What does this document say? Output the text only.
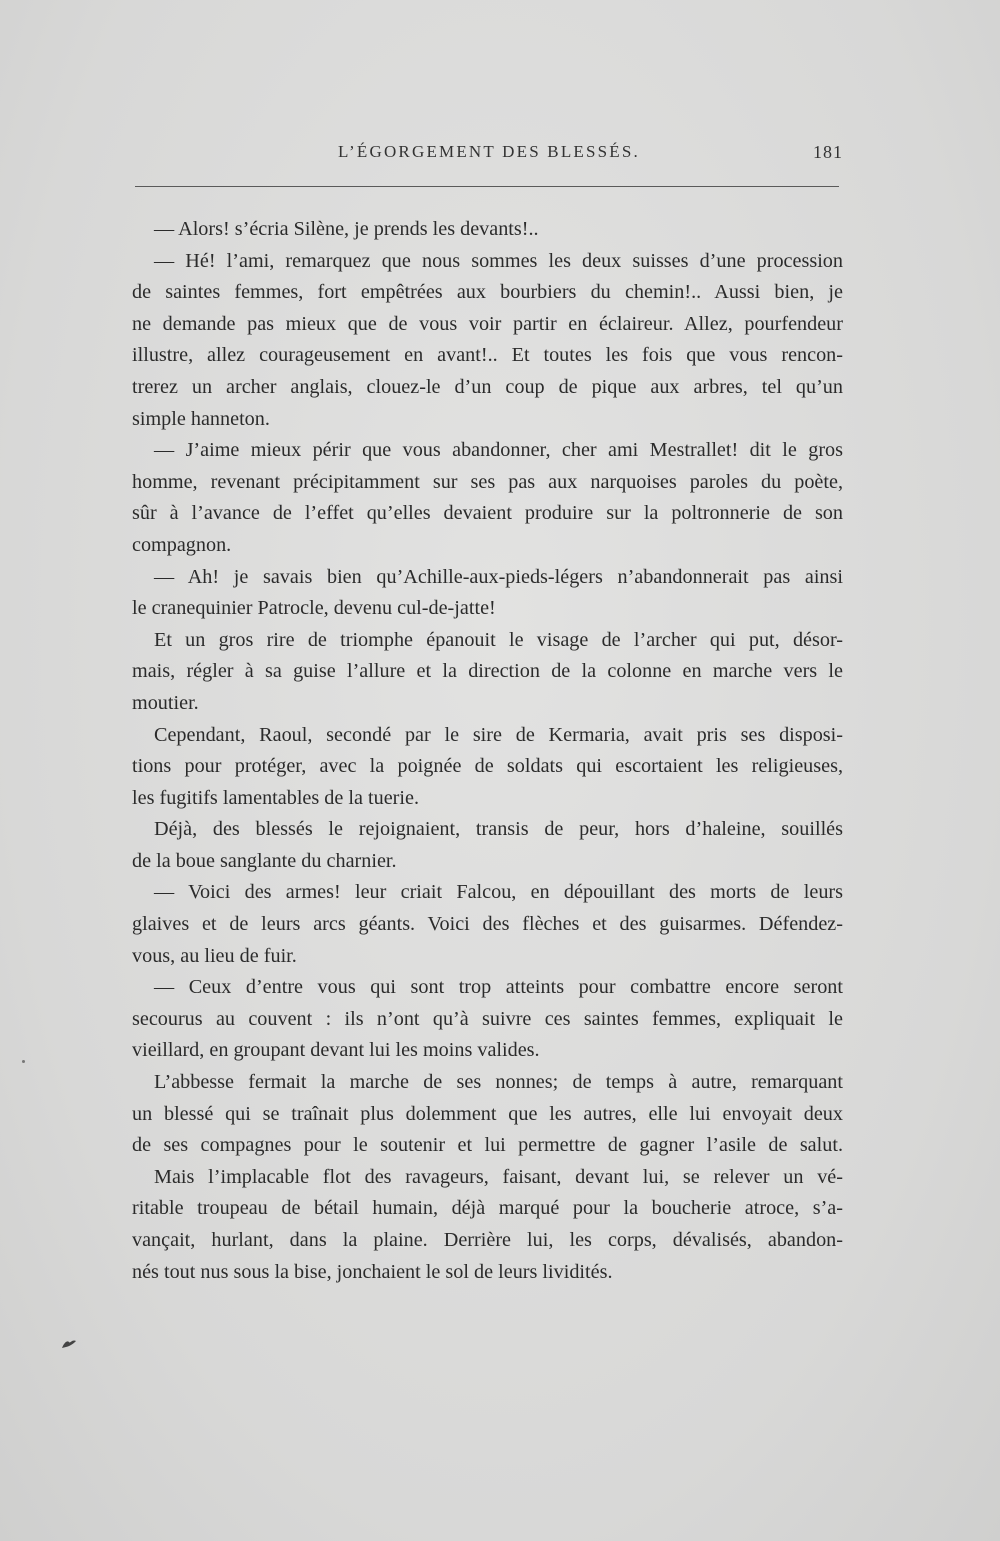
L’ÉGORGEMENT DES BLESSÉS.	181
— Alors! s’écria Silène, je prends les devants!..
— Hé! l’ami, remarquez que nous sommes les deux suisses d’une procession
de saintes femmes, fort empêtrées aux bourbiers du chemin!.. Aussi bien, je
ne demande pas mieux que de vous voir partir en éclaireur. Allez, pourfendeur
illustre, allez courageusement en avant!.. Et toutes les fois que vous rencon-
trerez un archer anglais, clouez-le d’un coup de pique aux arbres, tel qu’un
simple hanneton.
— J’aime mieux périr que vous abandonner, cher ami Mestrallet! dit le gros
homme, revenant précipitamment sur ses pas aux narquoises paroles du poète,
sûr à l’avance de l’effet qu’elles devaient produire sur la poltronnerie de son
compagnon.
— Ah! je savais bien qu’Achille-aux-pieds-légers n’abandonnerait pas ainsi
le cranequinier Patrocle, devenu cul-de-jatte!
Et un gros rire de triomphe épanouit le visage de l’archer qui put, désor-
mais, régler à sa guise l’allure et la direction de la colonne en marche vers le
moutier.
Cependant, Raoul, secondé par le sire de Kermaria, avait pris ses disposi-
tions pour protéger, avec la poignée de soldats qui escortaient les religieuses,
les fugitifs lamentables de la tuerie.
Déjà, des blessés le rejoignaient, transis de peur, hors d’haleine, souillés
de la boue sanglante du charnier.
— Voici des armes! leur criait Falcou, en dépouillant des morts de leurs
glaives et de leurs arcs géants. Voici des flèches et des guisarmes. Défendez-
vous, au lieu de fuir.
— Ceux d’entre vous qui sont trop atteints pour combattre encore seront
secourus au couvent : ils n’ont qu’à suivre ces saintes femmes, expliquait le
vieillard, en groupant devant lui les moins valides.
L’abbesse fermait la marche de ses nonnes; de temps à autre, remarquant
un blessé qui se traînait plus dolemment que les autres, elle lui envoyait deux
de ses compagnes pour le soutenir et lui permettre de gagner l’asile de salut.
Mais l’implacable flot des ravageurs, faisant, devant lui, se relever un vé-
ritable troupeau de bétail humain, déjà marqué pour la boucherie atroce, s’a-
vançait, hurlant, dans la plaine. Derrière lui, les corps, dévalisés, abandon-
nés tout nus sous la bise, jonchaient le sol de leurs lividités.
